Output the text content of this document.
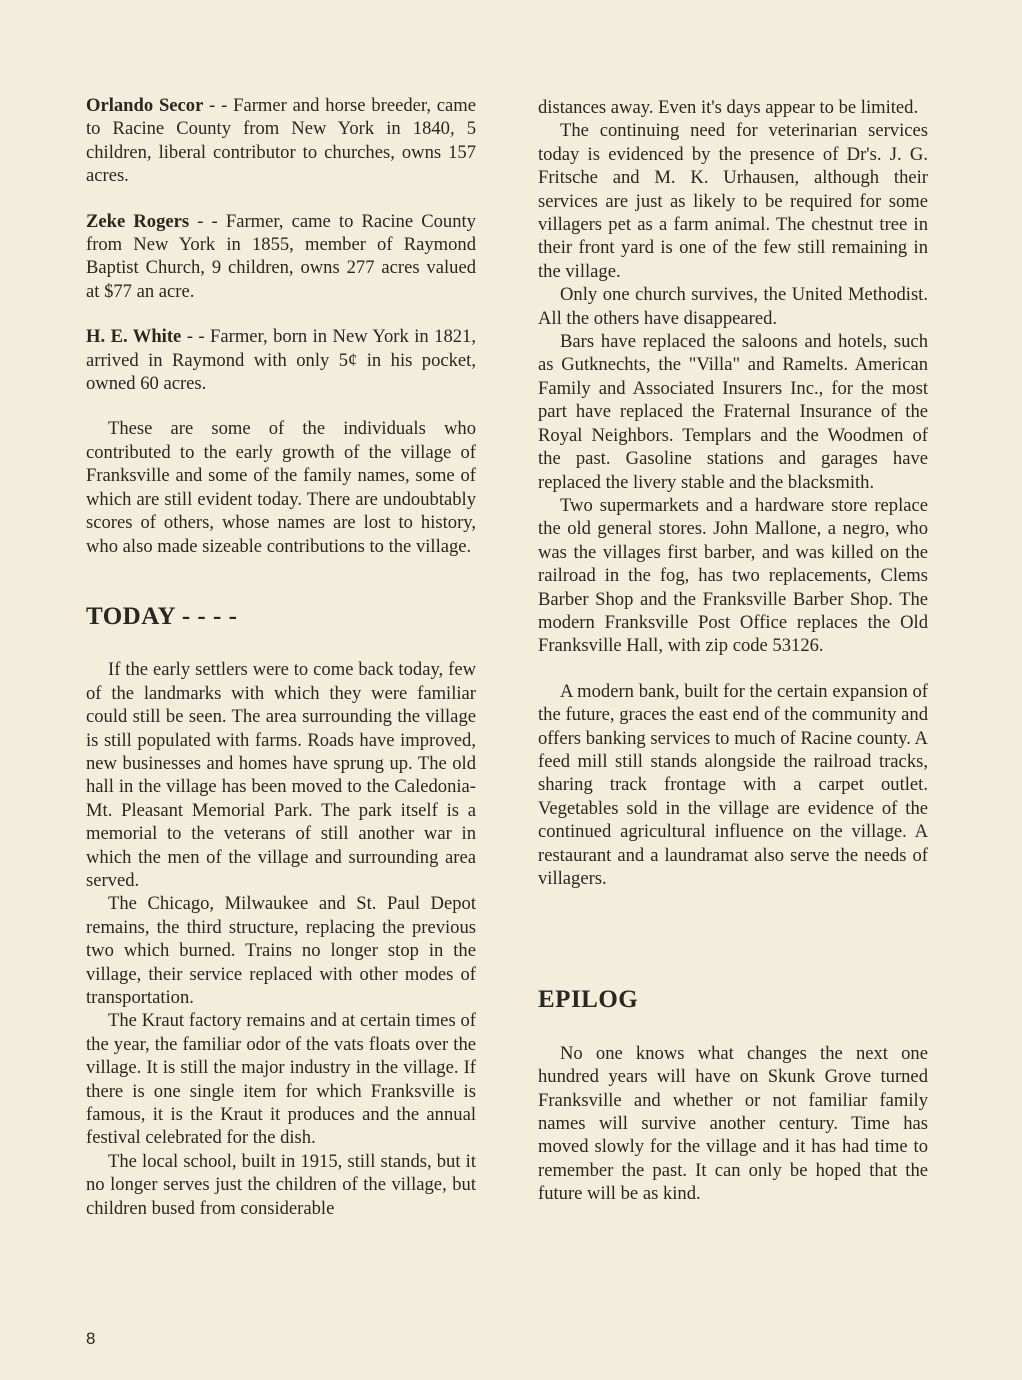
Orlando Secor - - Farmer and horse breeder, came to Racine County from New York in 1840, 5 children, liberal contributor to churches, owns 157 acres.

Zeke Rogers - - Farmer, came to Racine County from New York in 1855, member of Raymond Baptist Church, 9 children, owns 277 acres valued at $77 an acre.

H. E. White - - Farmer, born in New York in 1821, arrived in Raymond with only 5¢ in his pocket, owned 60 acres.

These are some of the individuals who contributed to the early growth of the village of Franksville and some of the family names, some of which are still evident today. There are undoubtably scores of others, whose names are lost to history, who also made sizeable contributions to the village.

TODAY - - - -

If the early settlers were to come back today, few of the landmarks with which they were familiar could still be seen. The area surrounding the village is still populated with farms. Roads have improved, new businesses and homes have sprung up. The old hall in the village has been moved to the Caledonia-Mt. Pleasant Memorial Park. The park itself is a memorial to the veterans of still another war in which the men of the village and surrounding area served.

The Chicago, Milwaukee and St. Paul Depot remains, the third structure, replacing the previous two which burned. Trains no longer stop in the village, their service replaced with other modes of transportation.

The Kraut factory remains and at certain times of the year, the familiar odor of the vats floats over the village. It is still the major industry in the village. If there is one single item for which Franksville is famous, it is the Kraut it produces and the annual festival celebrated for the dish.

The local school, built in 1915, still stands, but it no longer serves just the children of the village, but children bused from considerable

distances away. Even it's days appear to be limited.

The continuing need for veterinarian services today is evidenced by the presence of Dr's. J. G. Fritsche and M. K. Urhausen, although their services are just as likely to be required for some villagers pet as a farm animal. The chestnut tree in their front yard is one of the few still remaining in the village.

Only one church survives, the United Methodist. All the others have disappeared.

Bars have replaced the saloons and hotels, such as Gutknechts, the "Villa" and Ramelts. American Family and Associated Insurers Inc., for the most part have replaced the Fraternal Insurance of the Royal Neighbors. Templars and the Woodmen of the past. Gasoline stations and garages have replaced the livery stable and the blacksmith.

Two supermarkets and a hardware store replace the old general stores. John Mallone, a negro, who was the villages first barber, and was killed on the railroad in the fog, has two replacements, Clems Barber Shop and the Franksville Barber Shop. The modern Franksville Post Office replaces the Old Franksville Hall, with zip code 53126.

A modern bank, built for the certain expansion of the future, graces the east end of the community and offers banking services to much of Racine county. A feed mill still stands alongside the railroad tracks, sharing track frontage with a carpet outlet. Vegetables sold in the village are evidence of the continued agricultural influence on the village. A restaurant and a laundramat also serve the needs of villagers.

EPILOG

No one knows what changes the next one hundred years will have on Skunk Grove turned Franksville and whether or not familiar family names will survive another century. Time has moved slowly for the village and it has had time to remember the past. It can only be hoped that the future will be as kind.

8
